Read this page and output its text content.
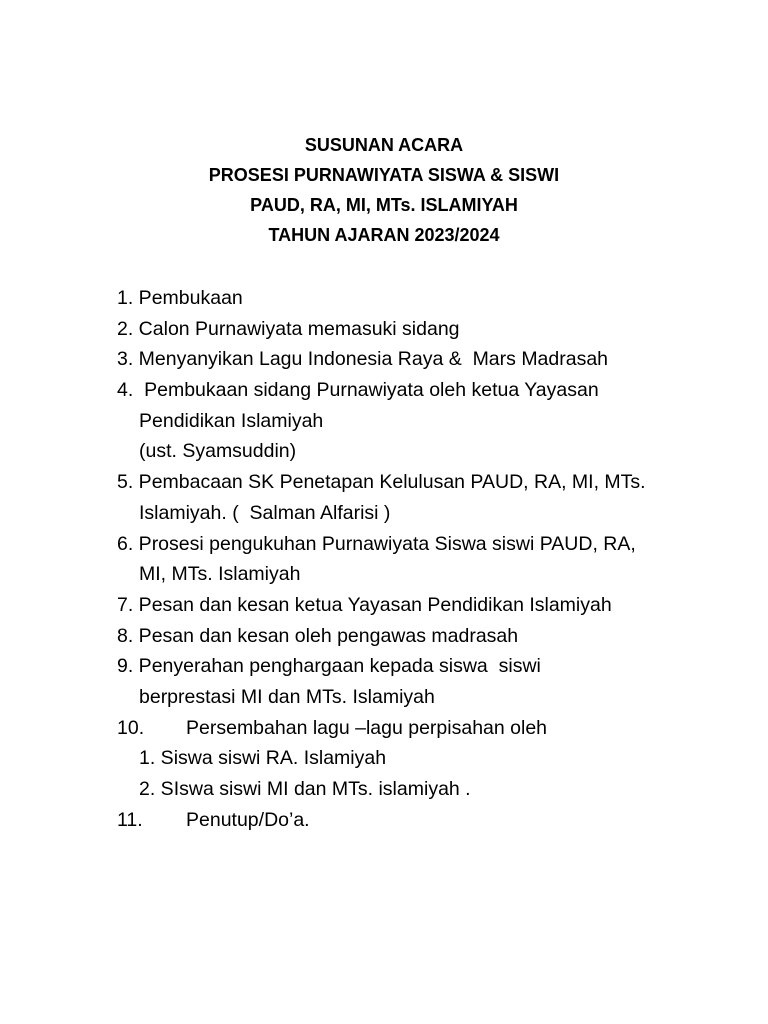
SUSUNAN ACARA
PROSESI PURNAWIYATA SISWA & SISWI
PAUD, RA, MI, MTs. ISLAMIYAH
TAHUN AJARAN 2023/2024
1. Pembukaan
2. Calon Purnawiyata memasuki sidang
3. Menyanyikan Lagu Indonesia Raya &  Mars Madrasah
4.  Pembukaan sidang Purnawiyata oleh ketua Yayasan
Pendidikan Islamiyah
(ust. Syamsuddin)
5. Pembacaan SK Penetapan Kelulusan PAUD, RA, MI, MTs.
Islamiyah. (  Salman Alfarisi )
6. Prosesi pengukuhan Purnawiyata Siswa siswi PAUD, RA,
MI, MTs. Islamiyah
7. Pesan dan kesan ketua Yayasan Pendidikan Islamiyah
8. Pesan dan kesan oleh pengawas madrasah
9. Penyerahan penghargaan kepada siswa  siswi
berprestasi MI dan MTs. Islamiyah
10. Persembahan lagu –lagu perpisahan oleh
1. Siswa siswi RA. Islamiyah
2. SIswa siswi MI dan MTs. islamiyah .
11. Penutup/Do’a.
